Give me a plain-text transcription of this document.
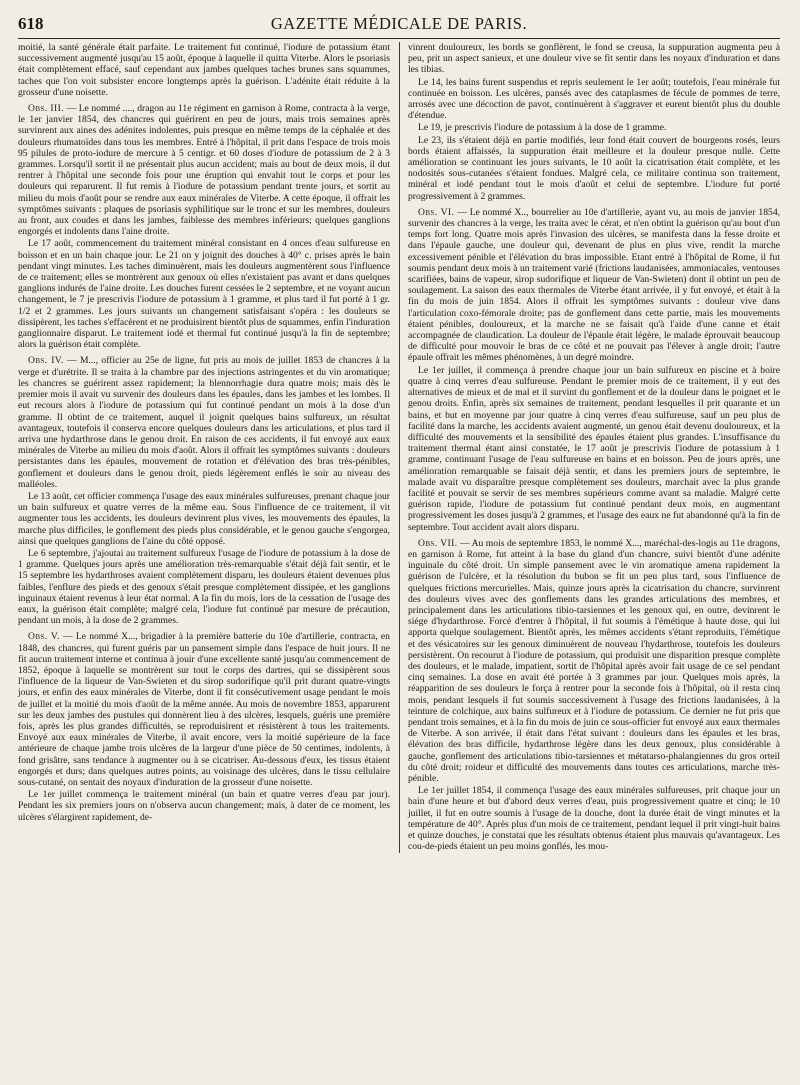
618	GAZETTE MÉDICALE DE PARIS.

moitié, la santé générale était parfaite. Le traitement fut continué, l'iodure de potassium étant successivement augmenté jusqu'au 15 août, époque à laquelle il quitta Viterbe. Alors le psoriasis était complètement effacé, sauf cependant aux jambes quelques taches brunes sans squammes, taches que l'on voit subsister encore longtemps après la guérison. L'adénite était réduite à la grosseur d'une noisette.

Obs. III. — Le nommé ...., dragon au 11e régiment en garnison à Rome, contracta à la verge, le 1er janvier 1854, des chancres qui guérirent en peu de jours, mais trois semaines après survinrent aux aines des adénites indolentes, puis presque en même temps de la céphalée et des douleurs rhumatoïdes dans tous les membres. Entré à l'hôpital, il prit dans l'espace de trois mois 95 pilules de proto-iodure de mercure à 5 centigr. et 60 doses d'iodure de potassium de 2 à 3 grammes. Lorsqu'il sortit il ne présentait plus aucun accident; mais au bout de deux mois, il dut rentrer à l'hôpital une seconde fois pour une éruption qui envahit tout le corps et pour les douleurs qui reparurent. Il fut remis à l'iodure de potassium pendant trente jours, et sortit au milieu du mois d'août pour se rendre aux eaux minérales de Viterbe. A cette époque, il offrait les symptômes suivants : plaques de psoriasis syphilitique sur le tronc et sur les membres, douleurs au front, aux coudes et dans les jambes, faiblesse des membres inférieurs; quelques ganglions engorgés et indolents dans l'aine droite.

Le 17 août, commencement du traitement minéral consistant en 4 onces d'eau sulfureuse en boisson et en un bain chaque jour. Le 21 on y joignit des douches à 40° c. prises après le bain pendant vingt minutes. Les taches diminuèrent, mais les douleurs augmentèrent sous l'influence de ce traitement; elles se montrèrent aux genoux où elles n'existaient pas avant et dans quelques ganglions indurés de l'aine droite. Les douches furent cessées le 2 septembre, et ne voyant aucun changement, le 7 je prescrivis l'iodure de potassium à 1 gramme, et plus tard il fut porté à 1 gr. 1/2 et 2 grammes. Les jours suivants un changement satisfaisant s'opéra : les douleurs se dissipèrent, les taches s'effacèrent et ne produisirent bientôt plus de squammes, enfin l'induration ganglionnaire disparut. Le traitement iodé et thermal fut continué jusqu'à la fin de septembre; alors la guérison était complète.

Obs. IV. — M..., officier au 25e de ligne, fut pris au mois de juillet 1853 de chancres à la verge et d'urétrite. Il se traita à la chambre par des injections astringentes et du vin aromatique; les chancres se guérirent assez rapidement; la blennorrhagie dura quatre mois; mais dès le premier mois il avait vu survenir des douleurs dans les épaules, dans les jambes et les lombes. Il eut recours alors à l'iodure de potassium qui fut continué pendant un mois à la dose d'un gramme. Il obtint de ce traitement, auquel il joignit quelques bains sulfureux, un résultat avantageux, toutefois il conserva encore quelques douleurs dans les articulations, et plus tard il arriva une hydarthrose dans le genou droit. En raison de ces accidents, il fut envoyé aux eaux minérales de Viterbe au milieu du mois d'août. Alors il offrait les symptômes suivants : douleurs persistantes dans les épaules, mouvement de rotation et d'élévation des bras très-pénibles, gonflement et douleurs dans le genou droit, pieds légèrement enflés le soir au niveau des malléoles.

Le 13 août, cet officier commença l'usage des eaux minérales sulfureuses, prenant chaque jour un bain sulfureux et quatre verres de la même eau. Sous l'influence de ce traitement, il vit augmenter tous les accidents, les douleurs devinrent plus vives, les mouvements des épaules, la marche plus difficiles, le gonflement des pieds plus considérable, et le genou gauche s'engorgea, ainsi que quelques ganglions de l'aine du côté opposé.

Le 6 septembre, j'ajoutai au traitement sulfureux l'usage de l'iodure de potassium à la dose de 1 gramme. Quelques jours après une amélioration très-remarquable s'était déjà fait sentir, et le 15 septembre les hydarthroses avaient complètement disparu, les douleurs étaient devenues plus faibles, l'enflure des pieds et des genoux s'était presque complètement dissipée, et les ganglions inguinaux étaient revenus à leur état normal. A la fin du mois, lors de la cessation de l'usage des eaux, la guérison était complète; malgré cela, l'iodure fut continué par mesure de précaution, pendant un mois, à la dose de 2 grammes.

Obs. V. — Le nommé X..., brigadier à la première batterie du 10e d'artillerie, contracta, en 1848, des chancres, qui furent guéris par un pansement simple dans l'espace de huit jours. Il ne fit aucun traitement interne et continua à jouir d'une excellente santé jusqu'au commencement de 1852, époque à laquelle se montrèrent sur tout le corps des dartres, qui se dissipèrent sous l'influence de la liqueur de Van-Swieten et du sirop sudorifique qu'il prit durant quatre-vingts jours, et enfin des eaux minérales de Viterbe, dont il fit consécutivement usage pendant le mois de juillet et la moitié du mois d'août de la même année. Au mois de novembre 1853, apparurent sur les deux jambes des pustules qui donnèrent lieu à des ulcères, lesquels, guéris une première fois, après les plus grandes difficultés, se reproduisirent et résistèrent à tous les traitements. Envoyé aux eaux minérales de Viterbe, il avait encore, vers la moitié supérieure de la face antérieure de chaque jambe trois ulcères de la largeur d'une pièce de 50 centimes, indolents, à fond grisâtre, sans tendance à augmenter ou à se cicatriser. Au-dessous d'eux, les tissus étaient engorgés et durs; dans quelques autres points, au voisinage des ulcères, dans le tissu cellulaire sous-cutané, on sentait des noyaux d'induration de la grosseur d'une noisette.

Le 1er juillet commença le traitement minéral (un bain et quatre verres d'eau par jour). Pendant les six premiers jours on n'observa aucun changement; mais, à dater de ce moment, les ulcères s'élargirent rapidement, de-

vinrent douloureux, les bords se gonflèrent, le fond se creusa, la suppuration augmenta peu à peu, prit un aspect sanieux, et une douleur vive se fit sentir dans les noyaux d'induration et dans les tibias.

Le 14, les bains furent suspendus et repris seulement le 1er août; toutefois, l'eau minérale fut continuée en boisson. Les ulcères, pansés avec des cataplasmes de fécule de pommes de terre, arrosés avec une décoction de pavot, continuèrent à s'aggraver et eurent bientôt plus du double d'étendue.

Le 19, je prescrivis l'iodure de potassium à la dose de 1 gramme.

Le 23, ils s'étaient déjà en partie modifiés, leur fond était couvert de bourgeons rosés, leurs bords étaient affaissés, la suppuration était meilleure et la douleur presque nulle. Cette amélioration se continuant les jours suivants, le 10 août la cicatrisation était complète, et les nodosités sous-cutanées s'étaient fondues. Malgré cela, ce militaire continua son traitement, minéral et iodé pendant tout le mois d'août et celui de septembre. L'iodure fut porté progressivement à 2 grammes.

Obs. VI. — Le nommé X.., bourrelier au 10e d'artillerie, ayant vu, au mois de janvier 1854, survenir des chancres à la verge, les traita avec le cérat, et n'en obtint la guérison qu'au bout d'un temps fort long. Quatre mois après l'invasion des ulcères, se manifesta dans la fesse droite et dans l'épaule gauche, une douleur qui, devenant de plus en plus vive, rendit la marche excessivement pénible et l'élévation du bras impossible. Etant entré à l'hôpital de Rome, il fut soumis pendant deux mois à un traitement varié (frictions laudanisées, ammoniacales, ventouses scarifiées, bains de vapeur, sirop sudorifique et liqueur de Van-Swieten) dont il obtint un peu de soulagement. La saison des eaux thermales de Viterbe étant arrivée, il y fut envoyé, et était à la fin du mois de juin 1854. Alors il offrait les symptômes suivants : douleur vive dans l'articulation coxo-fémorale droite; pas de gonflement dans cette partie, mais les mouvements étaient pénibles, douloureux, et la marche ne se faisait qu'à l'aide d'une canne et était accompagnée de claudication. La douleur de l'épaule était légère, le malade éprouvait beaucoup de difficulté pour mouvoir le bras de ce côté et ne pouvait pas l'élever à angle droit; l'autre épaule offrait les mêmes phénomènes, à un degré moindre.

Le 1er juillet, il commença à prendre chaque jour un bain sulfureux en piscine et à boire quatre à cinq verres d'eau sulfureuse. Pendant le premier mois de ce traitement, il y eut des alternatives de mieux et de mal et il survint du gonflement et de la douleur dans le poignet et le genou droits. Enfin, après six semaines de traitement, pendant lesquelles il prit quarante et un bains, et but en moyenne par jour quatre à cinq verres d'eau sulfureuse, sauf un peu plus de facilité dans la marche, les accidents avaient augmenté, un genou était devenu douloureux, et la difficulté des mouvements et la sensibilité des épaules étaient plus grandes. L'insuffisance du traitement thermal étant ainsi constatée, le 17 août je prescrivis l'iodure de potassium à 1 gramme, continuant l'usage de l'eau sulfureuse en bains et en boisson. Peu de jours après, une amélioration remarquable se faisait déjà sentir, et dans les premiers jours de septembre, le malade avait vu disparaître presque complètement ses douleurs, marchait avec la plus grande facilité et pouvait se servir de ses membres supérieurs comme avant sa maladie. Malgré cette guérison rapide, l'iodure de potassium fut continué pendant deux mois, en augmentant progressivement les doses jusqu'à 2 grammes, et l'usage des eaux ne fut abandonné qu'à la fin de septembre. Tout accident avait alors disparu.

Obs. VII. — Au mois de septembre 1853, le nommé X..., maréchal-des-logis au 11e dragons, en garnison à Rome, fut atteint à la base du gland d'un chancre, suivi bientôt d'une adénite inguinale du côté droit. Un simple pansement avec le vin aromatique amena rapidement la guérison de l'ulcère, et la résolution du bubon se fit un peu plus tard, sous l'influence de quelques frictions mercurielles. Mais, quinze jours après la cicatrisation du chancre, survinrent des douleurs vives avec des gonflements dans les grandes articulations des membres, et principalement dans les articulations tibio-tarsiennes et les genoux qui, en outre, devinrent le siége d'hydarthrose. Forcé d'entrer à l'hôpital, il fut soumis à l'émétique à haute dose, qui lui apporta quelque soulagement. Bientôt après, les mêmes accidents s'étant reproduits, l'émétique et des vésicatoires sur les genoux diminuèrent de nouveau l'hydarthrose, toutefois les douleurs persistèrent. On recourut à l'iodure de potassium, qui produisit une disparition presque complète des douleurs, et le malade, impatient, sortit de l'hôpital après avoir fait usage de ce sel pendant cinq semaines. La dose en avait été portée à 3 grammes par jour. Quelques mois après, la réapparition de ses douleurs le força à rentrer pour la seconde fois à l'hôpital, où il resta cinq mois, pendant lesquels il fut soumis successivement à l'usage des frictions laudanisées, à la teinture de colchique, aux bains sulfureux et à l'iodure de potassium. Ce dernier ne fut pris que pendant trois semaines, et à la fin du mois de juin ce sous-officier fut envoyé aux eaux thermales de Viterbe. A son arrivée, il était dans l'état suivant : douleurs dans les épaules et les bras, élévation des bras difficile, hydarthrose légère dans les deux genoux, plus considérable à gauche, gonflement des articulations tibio-tarsiennes et métatarso-phalangiennes du gros orteil du côté droit; roideur et difficulté des mouvements dans toutes ces articulations, marche très-pénible.

Le 1er juillet 1854, il commença l'usage des eaux minérales sulfureuses, prit chaque jour un bain d'une heure et but d'abord deux verres d'eau, puis progressivement quatre et cinq; le 10 juillet, il fut en outre soumis à l'usage de la douche, dont la durée était de vingt minutes et la température de 40°. Après plus d'un mois de ce traitement, pendant lequel il prit vingt-huit bains et quinze douches, je constatai que les résultats obtenus étaient plus mauvais qu'avantageux. Les cou-de-pieds étaient un peu moins gonflés, les mou-
